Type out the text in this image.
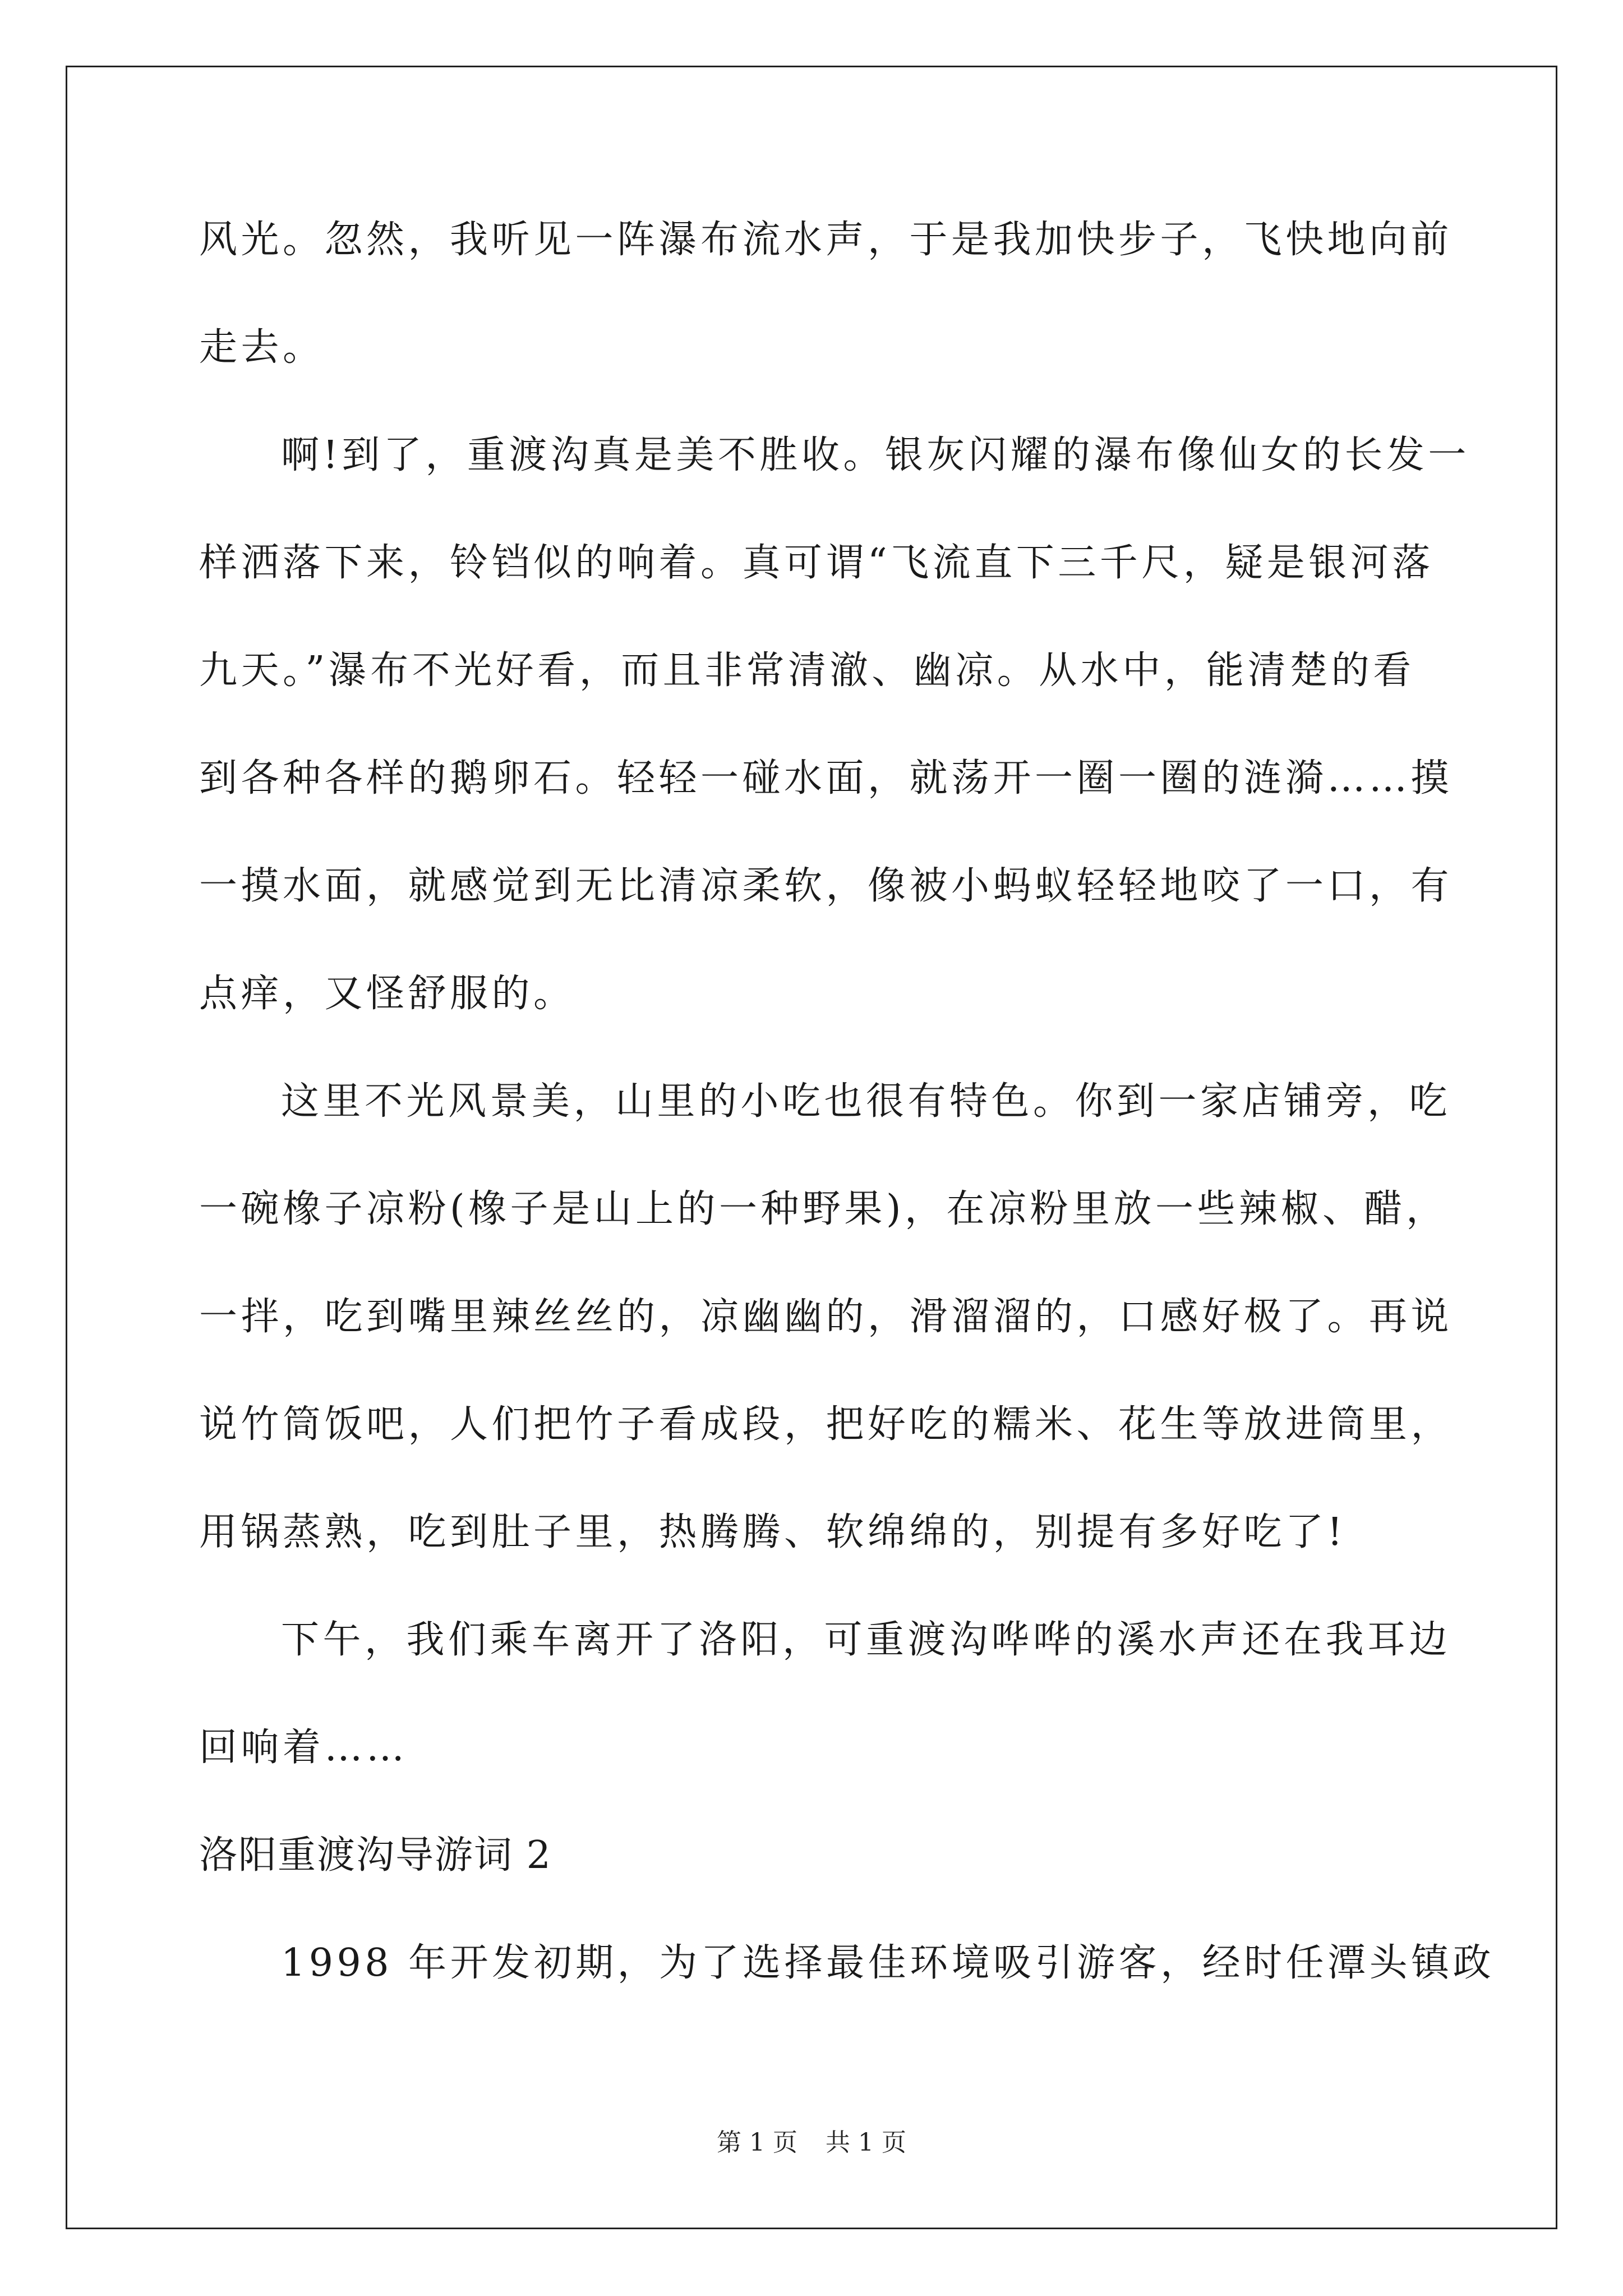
风光。忽然，我听见一阵瀑布流水声，于是我加快步子，飞快地向前
走去。
啊!到了，重渡沟真是美不胜收。银灰闪耀的瀑布像仙女的长发一
样洒落下来，铃铛似的响着。真可谓“飞流直下三千尺，疑是银河落
九天。”瀑布不光好看，而且非常清澈、幽凉。从水中，能清楚的看
到各种各样的鹅卵石。轻轻一碰水面，就荡开一圈一圈的涟漪……摸
一摸水面，就感觉到无比清凉柔软，像被小蚂蚁轻轻地咬了一口，有
点痒，又怪舒服的。
这里不光风景美，山里的小吃也很有特色。你到一家店铺旁，吃
一碗橡子凉粉(橡子是山上的一种野果)，在凉粉里放一些辣椒、醋，
一拌，吃到嘴里辣丝丝的，凉幽幽的，滑溜溜的，口感好极了。再说
说竹筒饭吧，人们把竹子看成段，把好吃的糯米、花生等放进筒里，
用锅蒸熟，吃到肚子里，热腾腾、软绵绵的，别提有多好吃了!
下午，我们乘车离开了洛阳，可重渡沟哗哗的溪水声还在我耳边
回响着……
洛阳重渡沟导游词 2
1998 年开发初期，为了选择最佳环境吸引游客，经时任潭头镇政
第 1 页 共 1 页
